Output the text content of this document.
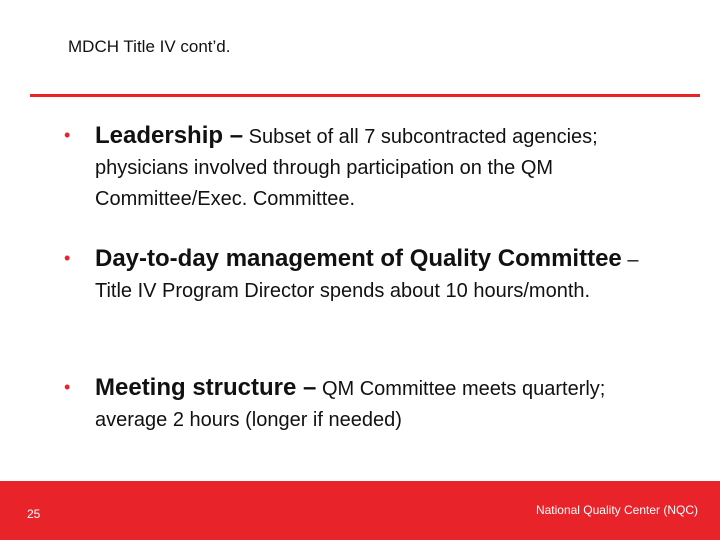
MDCH Title IV cont’d.
• Leadership – Subset of all 7 subcontracted agencies; physicians involved through participation on the QM Committee/Exec. Committee.
• Day-to-day management of Quality Committee – Title IV Program Director spends about 10 hours/month.
• Meeting structure – QM Committee meets quarterly; average 2 hours (longer if needed)
25	National Quality Center (NQC)
